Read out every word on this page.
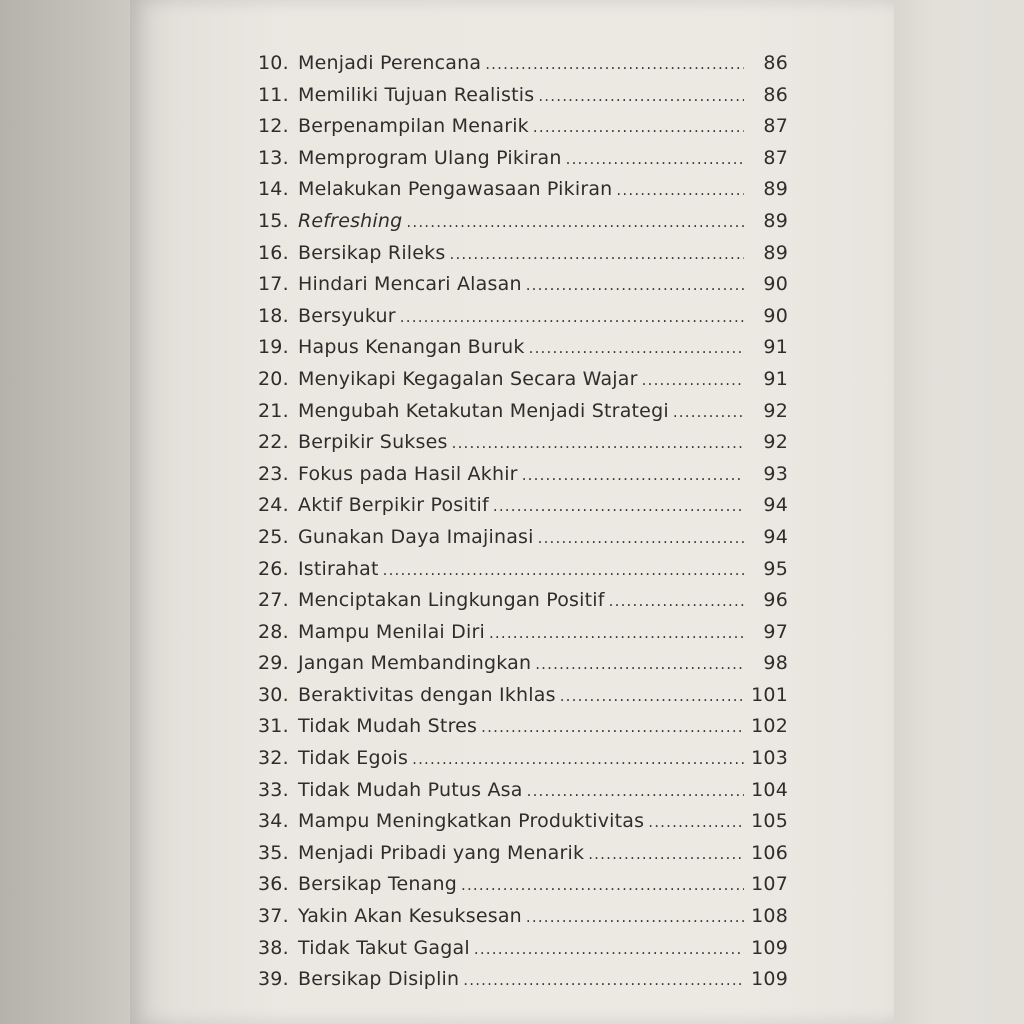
10. Menjadi Perencana .....	86
11. Memiliki Tujuan Realistis .....	86
12. Berpenampilan Menarik .....	87
13. Memprogram Ulang Pikiran .....	87
14. Melakukan Pengawasaan Pikiran .....	89
15. Refreshing .....	89
16. Bersikap Rileks .....	89
17. Hindari Mencari Alasan .....	90
18. Bersyukur .....	90
19. Hapus Kenangan Buruk .....	91
20. Menyikapi Kegagalan Secara Wajar .....	91
21. Mengubah Ketakutan Menjadi Strategi .....	92
22. Berpikir Sukses .....	92
23. Fokus pada Hasil Akhir .....	93
24. Aktif Berpikir Positif .....	94
25. Gunakan Daya Imajinasi .....	94
26. Istirahat .....	95
27. Menciptakan Lingkungan Positif .....	96
28. Mampu Menilai Diri .....	97
29. Jangan Membandingkan .....	98
30. Beraktivitas dengan Ikhlas .....	101
31. Tidak Mudah Stres .....	102
32. Tidak Egois .....	103
33. Tidak Mudah Putus Asa .....	104
34. Mampu Meningkatkan Produktivitas .....	105
35. Menjadi Pribadi yang Menarik .....	106
36. Bersikap Tenang .....	107
37. Yakin Akan Kesuksesan .....	108
38. Tidak Takut Gagal .....	109
39. Bersikap Disiplin .....	109
